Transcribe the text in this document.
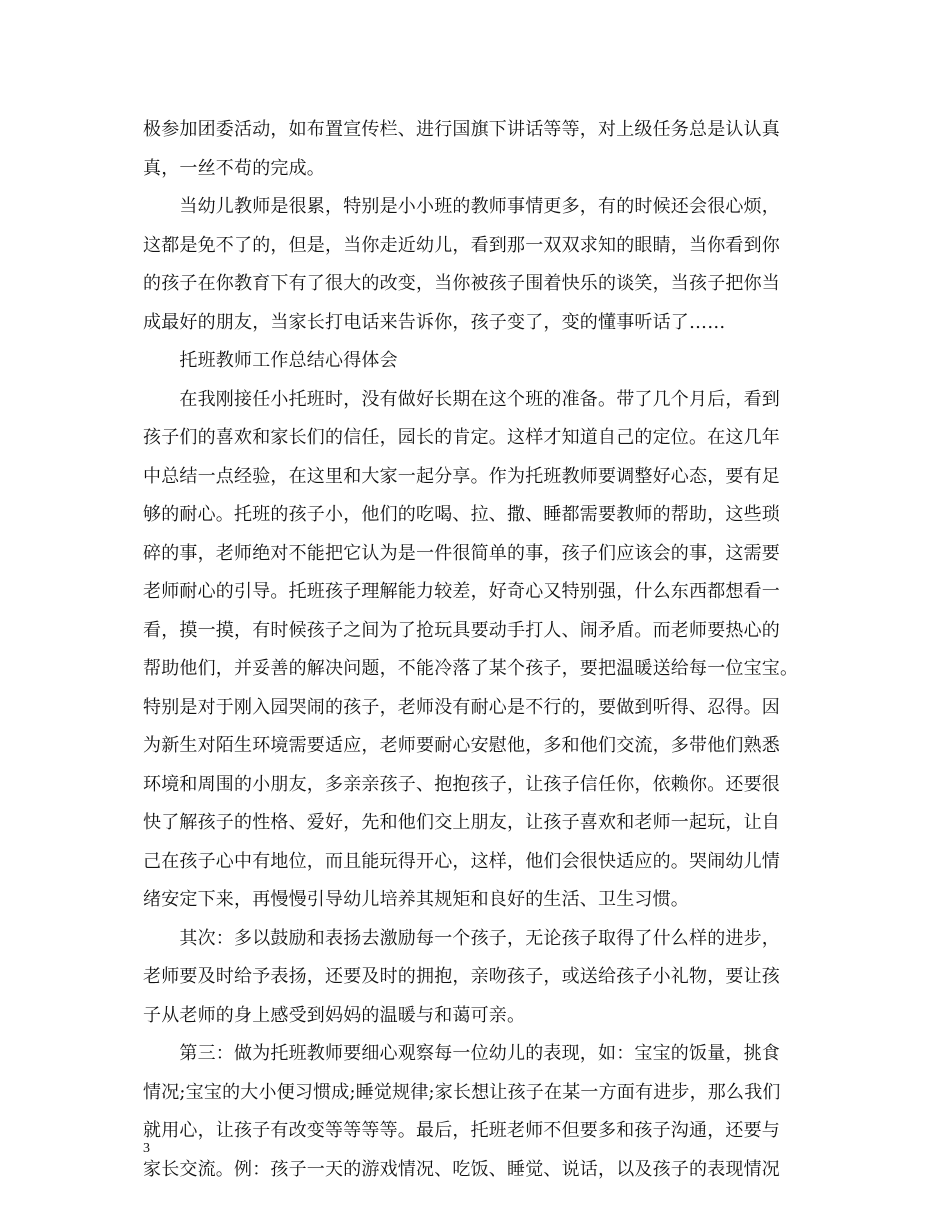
极参加团委活动，如布置宣传栏、进行国旗下讲话等等，对上级任务总是认认真
真，一丝不苟的完成。
　　当幼儿教师是很累，特别是小小班的教师事情更多，有的时候还会很心烦，
这都是免不了的，但是，当你走近幼儿，看到那一双双求知的眼睛，当你看到你
的孩子在你教育下有了很大的改变，当你被孩子围着快乐的谈笑，当孩子把你当
成最好的朋友，当家长打电话来告诉你，孩子变了，变的懂事听话了……
　　托班教师工作总结心得体会
　　在我刚接任小托班时，没有做好长期在这个班的准备。带了几个月后，看到
孩子们的喜欢和家长们的信任，园长的肯定。这样才知道自己的定位。在这几年
中总结一点经验，在这里和大家一起分享。作为托班教师要调整好心态，要有足
够的耐心。托班的孩子小，他们的吃喝、拉、撒、睡都需要教师的帮助，这些琐
碎的事，老师绝对不能把它认为是一件很简单的事，孩子们应该会的事，这需要
老师耐心的引导。托班孩子理解能力较差，好奇心又特别强，什么东西都想看一
看，摸一摸，有时候孩子之间为了抢玩具要动手打人、闹矛盾。而老师要热心的
帮助他们，并妥善的解决问题，不能冷落了某个孩子，要把温暖送给每一位宝宝。
特别是对于刚入园哭闹的孩子，老师没有耐心是不行的，要做到听得、忍得。因
为新生对陌生环境需要适应，老师要耐心安慰他，多和他们交流，多带他们熟悉
环境和周围的小朋友，多亲亲孩子、抱抱孩子，让孩子信任你，依赖你。还要很
快了解孩子的性格、爱好，先和他们交上朋友，让孩子喜欢和老师一起玩，让自
己在孩子心中有地位，而且能玩得开心，这样，他们会很快适应的。哭闹幼儿情
绪安定下来，再慢慢引导幼儿培养其规矩和良好的生活、卫生习惯。
　　其次：多以鼓励和表扬去激励每一个孩子，无论孩子取得了什么样的进步，
老师要及时给予表扬，还要及时的拥抱，亲吻孩子，或送给孩子小礼物，要让孩
子从老师的身上感受到妈妈的温暖与和蔼可亲。
　　第三：做为托班教师要细心观察每一位幼儿的表现，如：宝宝的饭量，挑食
情况;宝宝的大小便习惯成;睡觉规律;家长想让孩子在某一方面有进步，那么我们
就用心，让孩子有改变等等等等。最后，托班老师不但要多和孩子沟通，还要与
家长交流。例：孩子一天的游戏情况、吃饭、睡觉、说话，以及孩子的表现情况
3
